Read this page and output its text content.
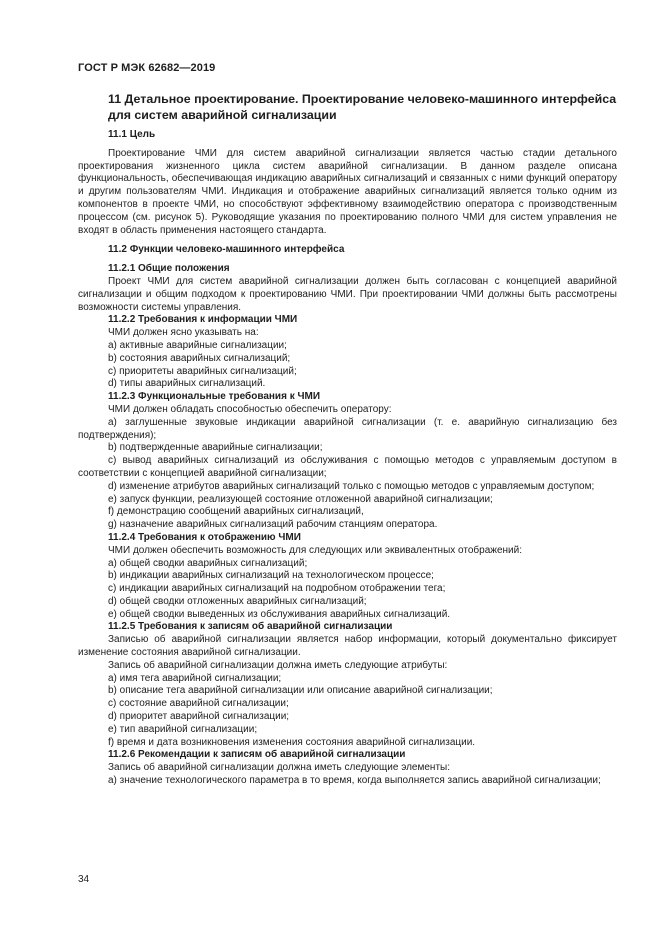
ГОСТ Р МЭК 62682—2019
11 Детальное проектирование. Проектирование человеко-машинного интерфейса для систем аварийной сигнализации
11.1 Цель

Проектирование ЧМИ для систем аварийной сигнализации является частью стадии детального проектирования жизненного цикла систем аварийной сигнализации. В данном разделе описана функциональность, обеспечивающая индикацию аварийных сигнализаций и связанных с ними функций оператору и другим пользователям ЧМИ. Индикация и отображение аварийных сигнализаций является только одним из компонентов в проекте ЧМИ, но способствуют эффективному взаимодействию оператора с производственным процессом (см. рисунок 5). Руководящие указания по проектированию полного ЧМИ для систем управления не входят в область применения настоящего стандарта.

11.2 Функции человеко-машинного интерфейса
11.2.1 Общие положения

Проект ЧМИ для систем аварийной сигнализации должен быть согласован с концепцией аварийной сигнализации и общим подходом к проектированию ЧМИ. При проектировании ЧМИ должны быть рассмотрены возможности системы управления.

11.2.2 Требования к информации ЧМИ

ЧМИ должен ясно указывать на:

a) активные аварийные сигнализации;

b) состояния аварийных сигнализаций;

c) приоритеты аварийных сигнализаций;

d) типы аварийных сигнализаций.

11.2.3 Функциональные требования к ЧМИ

ЧМИ должен обладать способностью обеспечить оператору:

a) заглушенные звуковые индикации аварийной сигнализации (т. е. аварийную сигнализацию без подтверждения);

b) подтвержденные аварийные сигнализации;

c) вывод аварийных сигнализаций из обслуживания с помощью методов с управляемым доступом в соответствии с концепцией аварийной сигнализации;

d) изменение атрибутов аварийных сигнализаций только с помощью методов с управляемым доступом;

e) запуск функции, реализующей состояние отложенной аварийной сигнализации;

f) демонстрацию сообщений аварийных сигнализаций,

g) назначение аварийных сигнализаций рабочим станциям оператора.

11.2.4 Требования к отображению ЧМИ

ЧМИ должен обеспечить возможность для следующих или эквивалентных отображений:

a) общей сводки аварийных сигнализаций;

b) индикации аварийных сигнализаций на технологическом процессе;

c) индикации аварийных сигнализаций на подробном отображении тега;

d) общей сводки отложенных аварийных сигнализаций;

e) общей сводки выведенных из обслуживания аварийных сигнализаций.

11.2.5 Требования к записям об аварийной сигнализации

Записью об аварийной сигнализации является набор информации, который документально фиксирует изменение состояния аварийной сигнализации.

Запись об аварийной сигнализации должна иметь следующие атрибуты:

a) имя тега аварийной сигнализации;

b) описание тега аварийной сигнализации или описание аварийной сигнализации;

c) состояние аварийной сигнализации;

d) приоритет аварийной сигнализации;

e) тип аварийной сигнализации;

f) время и дата возникновения изменения состояния аварийной сигнализации.

11.2.6 Рекомендации к записям об аварийной сигнализации

Запись об аварийной сигнализации должна иметь следующие элементы:

a) значение технологического параметра в то время, когда выполняется запись аварийной сигнализации;

34
